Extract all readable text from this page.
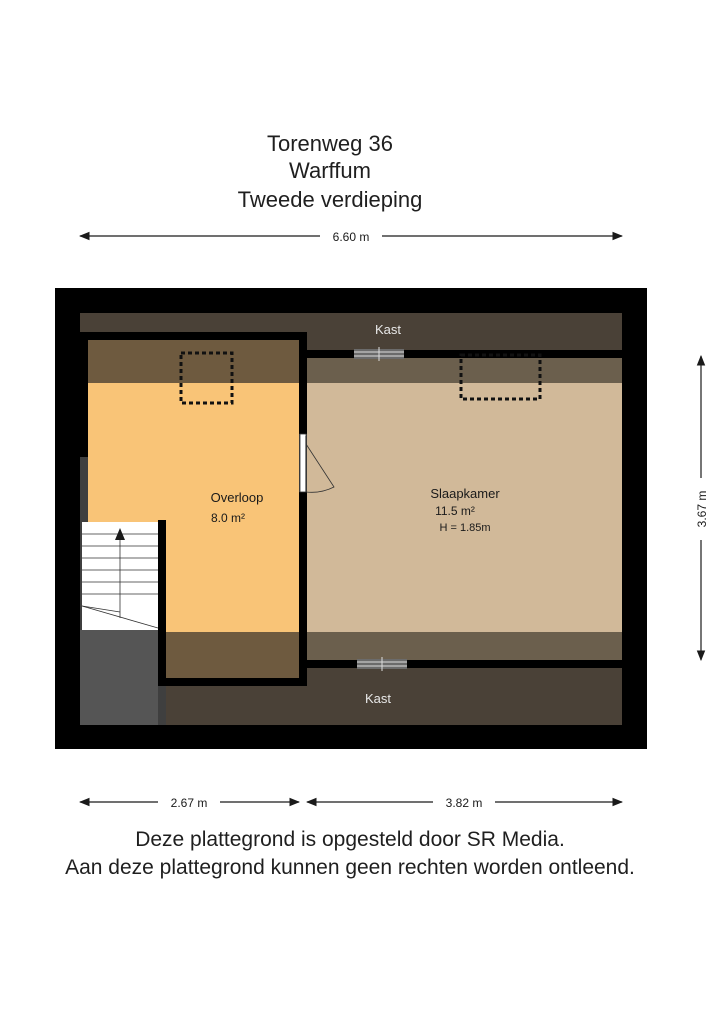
Torenweg 36
Warffum
Tweede verdieping
6.60 m
Kast
Kast
Overloop
8.0 m²
Slaapkamer
11.5 m²
H = 1.85m
3.67 m
2.67 m	3.82 m
Deze plattegrond is opgesteld door SR Media.
Aan deze plattegrond kunnen geen rechten worden ontleend.
